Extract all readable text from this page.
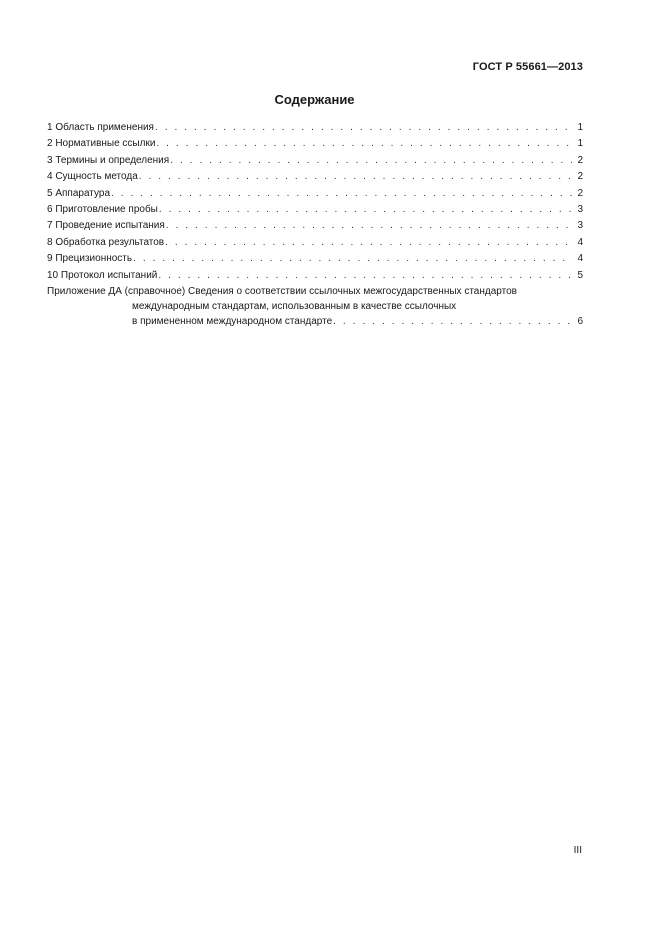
ГОСТ Р 55661—2013
Содержание
1 Область применения . . .	1
2 Нормативные ссылки . . .	1
3 Термины и определения . . .	2
4 Сущность метода . . .	2
5 Аппаратура . . .	2
6 Приготовление пробы . . .	3
7 Проведение испытания . . .	3
8 Обработка результатов . . .	4
9 Прецизионность . . .	4
10 Протокол испытаний . . .	5
Приложение ДА (справочное) Сведения о соответствии ссылочных межгосударственных стандартов
международным стандартам, использованным в качестве ссылочных
в примененном международном стандарте . . .	6
III
